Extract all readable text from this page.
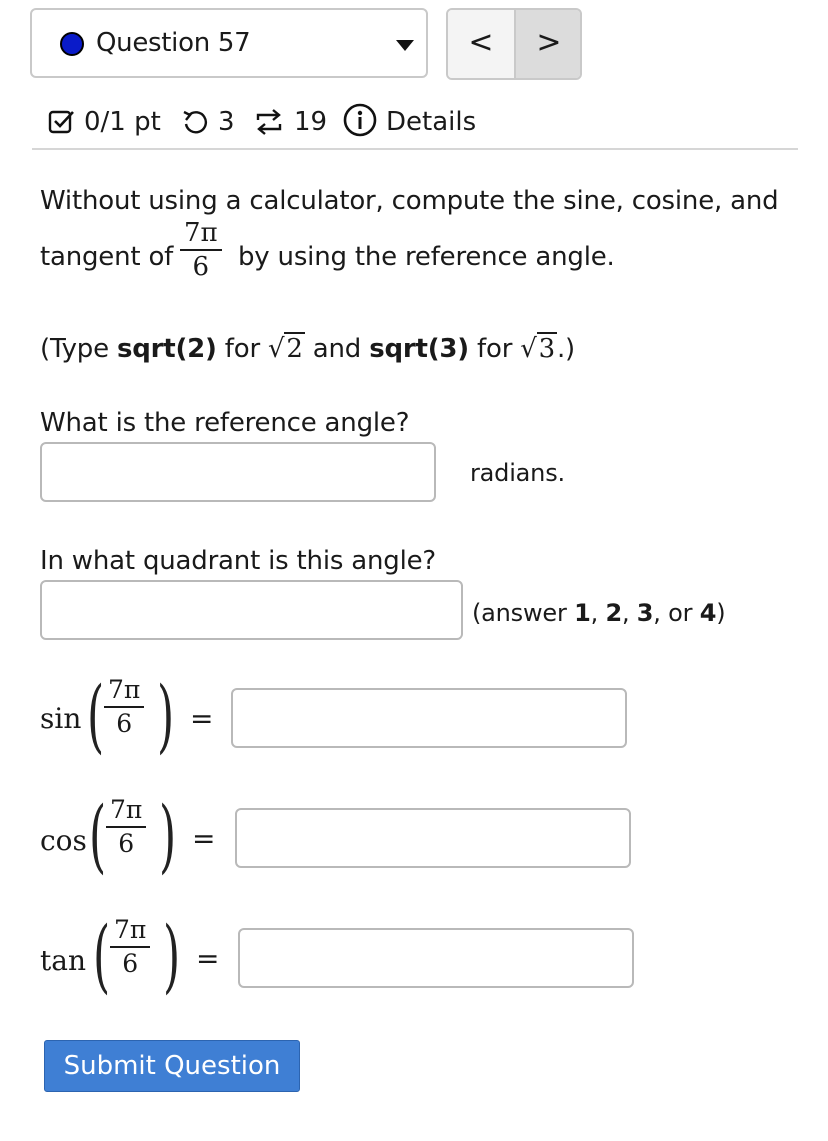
Question 57	<	>
0/1 pt 3 19 Details
Without using a calculator, compute the sine, cosine, and
tangent of
7π
6	by using the reference angle.
(Type sqrt(2) for √2 and sqrt(3) for √3.)
What is the reference angle?
radians.
In what quadrant is this angle?
(answer 1, 2, 3, or 4)
sin ( 7π
6 ) =
cos ( 7π
6 ) =
tan ( 7π
6 ) =
Submit Question
